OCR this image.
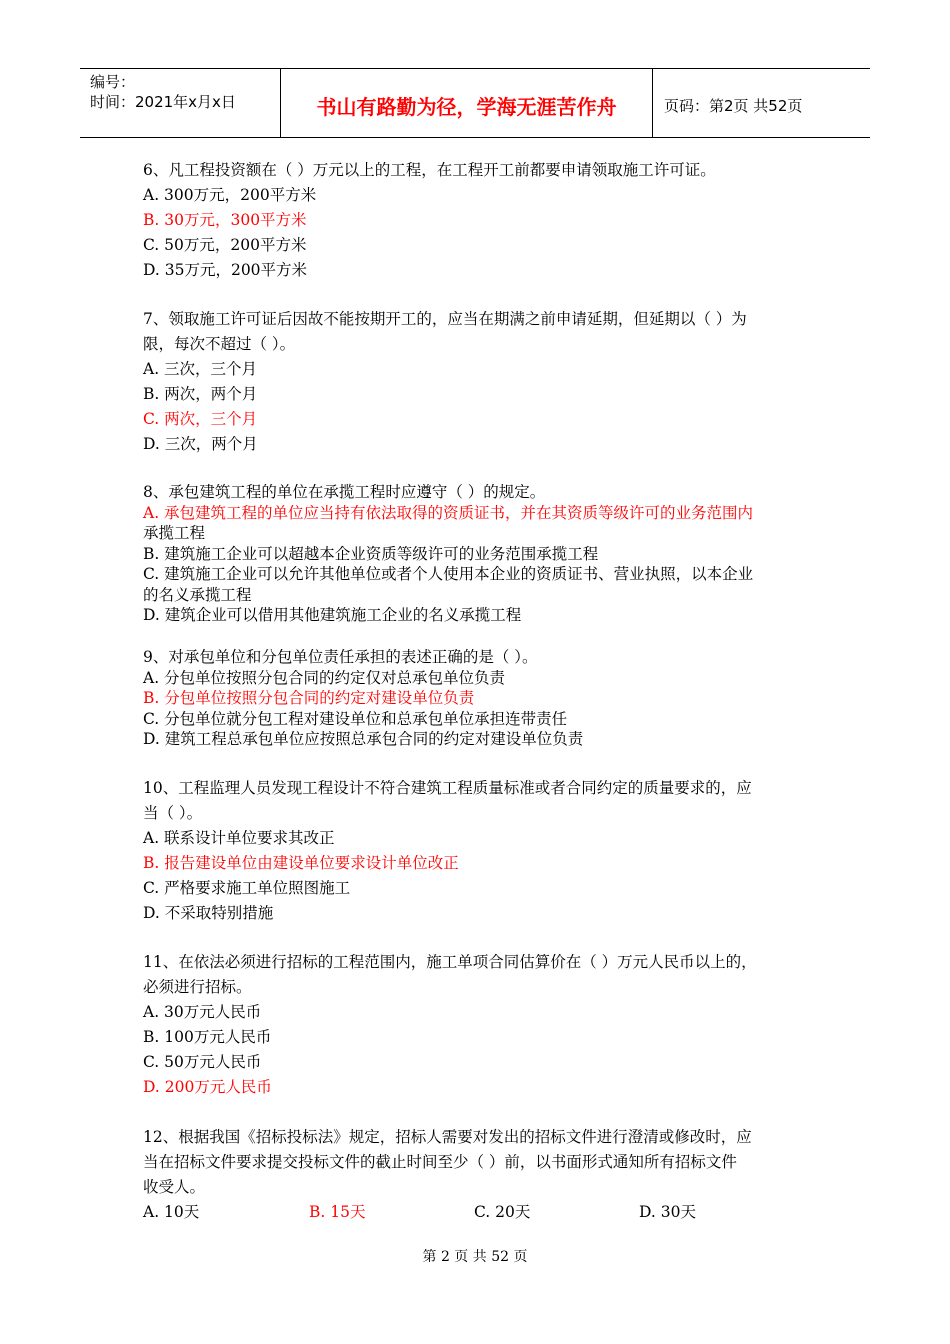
编号：
时间：2021年x月x日	书山有路勤为径，学海无涯苦作舟	页码：第2页 共52页

6、凡工程投资额在（ ）万元以上的工程，在工程开工前都要申请领取施工许可证。

A. 300万元，200平方米

B. 30万元，300平方米

C. 50万元，200平方米

D. 35万元，200平方米

7、领取施工许可证后因故不能按期开工的，应当在期满之前申请延期，但延期以（ ）为

限，每次不超过（ ）。

A. 三次，三个月

B. 两次，两个月

C. 两次，三个月

D. 三次，两个月

8、承包建筑工程的单位在承揽工程时应遵守（ ）的规定。

A. 承包建筑工程的单位应当持有依法取得的资质证书，并在其资质等级许可的业务范围内

承揽工程

B. 建筑施工企业可以超越本企业资质等级许可的业务范围承揽工程

C. 建筑施工企业可以允许其他单位或者个人使用本企业的资质证书、营业执照，以本企业

的名义承揽工程

D. 建筑企业可以借用其他建筑施工企业的名义承揽工程

9、对承包单位和分包单位责任承担的表述正确的是（ ）。

A. 分包单位按照分包合同的约定仅对总承包单位负责

B. 分包单位按照分包合同的约定对建设单位负责

C. 分包单位就分包工程对建设单位和总承包单位承担连带责任

D. 建筑工程总承包单位应按照总承包合同的约定对建设单位负责

10、工程监理人员发现工程设计不符合建筑工程质量标准或者合同约定的质量要求的，应

当（ ）。

A. 联系设计单位要求其改正

B. 报告建设单位由建设单位要求设计单位改正

C. 严格要求施工单位照图施工

D. 不采取特别措施

11、在依法必须进行招标的工程范围内，施工单项合同估算价在（ ）万元人民币以上的，

必须进行招标。

A. 30万元人民币

B. 100万元人民币

C. 50万元人民币

D. 200万元人民币

12、根据我国《招标投标法》规定，招标人需要对发出的招标文件进行澄清或修改时，应

当在招标文件要求提交投标文件的截止时间至少（ ）前，以书面形式通知所有招标文件

收受人。

A. 10天	B. 15天	C. 20天	D. 30天
第 2 页 共 52 页
